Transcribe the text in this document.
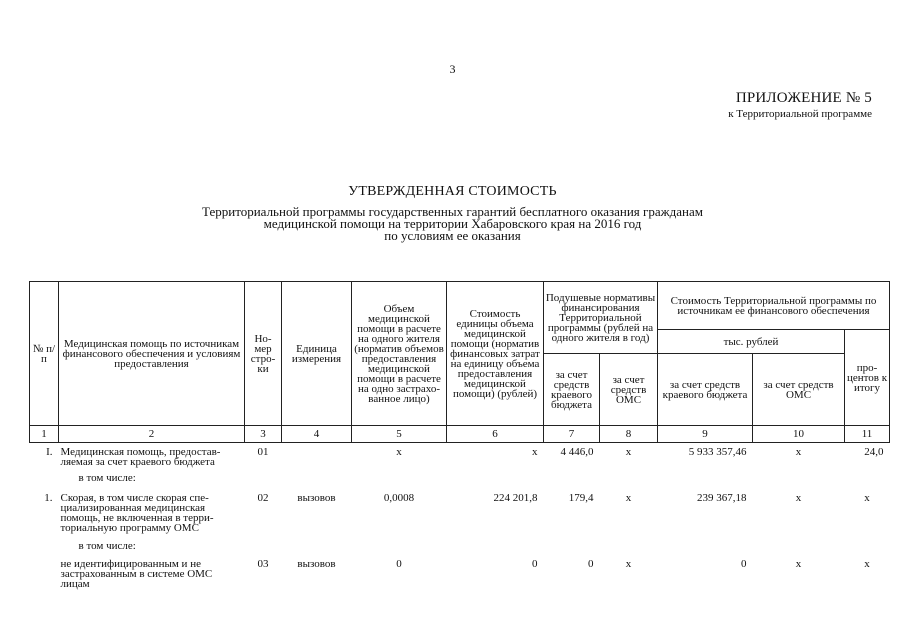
3
ПРИЛОЖЕНИЕ № 5
к Территориальной программе
УТВЕРЖДЕННАЯ СТОИМОСТЬ
Территориальной программы государственных гарантий бесплатного оказания гражданам
медицинской помощи на территории Хабаровского края на 2016 год
по условиям ее оказания
№ п/п	Медицинская помощь по источникам финансового обеспечения и условиям предоставления	Но-мер стро-ки	Единица измерения	Объем медицинской помощи в расчете на одного жителя (норматив объемов предоставления медицинской помощи в расчете на одно застрахо-ванное лицо)	Стоимость единицы объема медицинской помощи (норматив финансовых затрат на единицу объема предоставления медицинской помощи) (рублей)	Подушевые нормативы финансирования Территориальной программы (рублей на одного жителя в год)		Стоимость Территориальной программы по источникам ее финансового обеспечения		
								тыс. рублей		про-центов к итогу
						за счет средств краевого бюджета	за счет средств ОМС	за счет средств краевого бюджета	за счет средств ОМС	
1	2	3	4	5	6	7	8	9	10	11
I.	Медицинская помощь, предостав-ляемая за счет краевого бюджета	01		х	х	4 446,0	х	5 933 357,46	х	24,0
	в том числе:									
1.	Скорая, в том числе скорая спе-циализированная медицинская помощь, не включенная в терри-ториальную программу ОМС	02	вызовов	0,0008	224 201,8	179,4	х	239 367,18	х	х
	в том числе:									
	не идентифицированным и не застрахованным в системе ОМС лицам	03	вызовов	0	0	0	х	0	х	х
